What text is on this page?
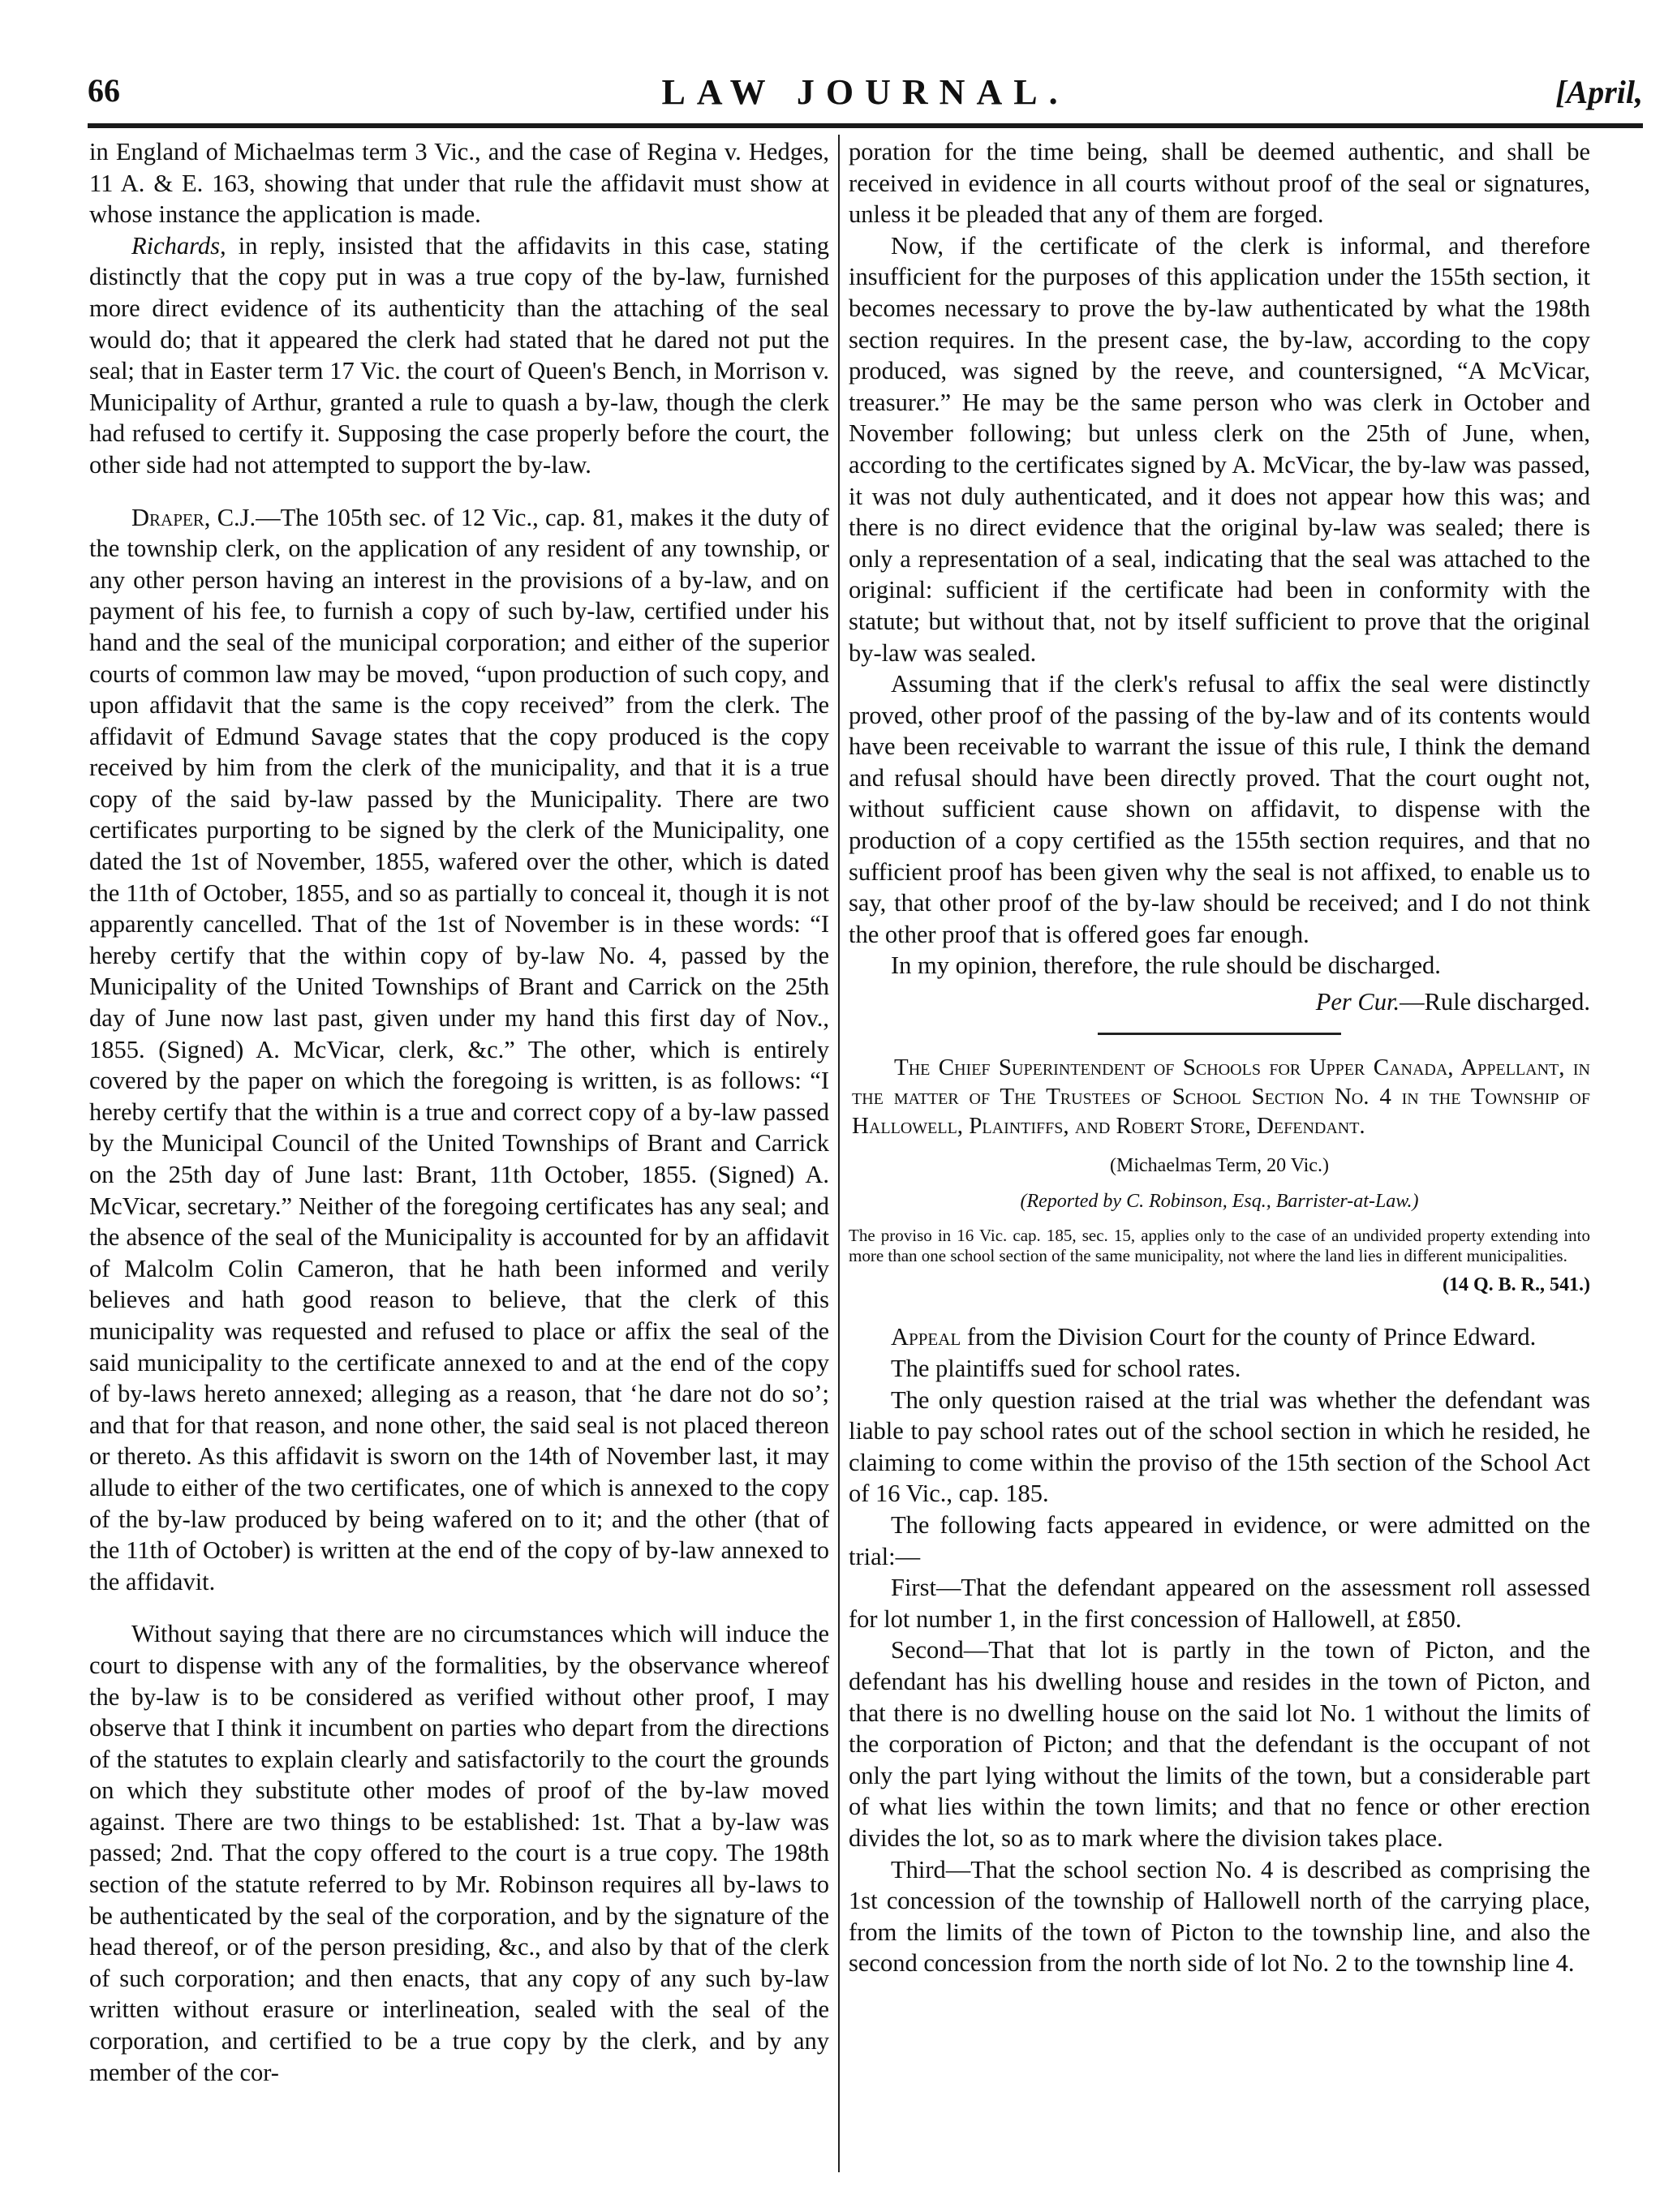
66	LAW JOURNAL.	[April,

in England of Michaelmas term 3 Vic., and the case of Regina v. Hedges, 11 A. & E. 163, showing that under that rule the affidavit must show at whose instance the application is made.

Richards, in reply, insisted that the affidavits in this case, stating distinctly that the copy put in was a true copy of the by-law, furnished more direct evidence of its authenticity than the attaching of the seal would do; that it appeared the clerk had stated that he dared not put the seal; that in Easter term 17 Vic. the court of Queen's Bench, in Morrison v. Municipality of Arthur, granted a rule to quash a by-law, though the clerk had refused to certify it. Supposing the case properly before the court, the other side had not attempted to support the by-law.

Draper, C.J.—The 105th sec. of 12 Vic., cap. 81, makes it the duty of the township clerk, on the application of any resident of any township, or any other person having an interest in the provisions of a by-law, and on payment of his fee, to furnish a copy of such by-law, certified under his hand and the seal of the municipal corporation; and either of the superior courts of common law may be moved, “upon production of such copy, and upon affidavit that the same is the copy received” from the clerk. The affidavit of Edmund Savage states that the copy produced is the copy received by him from the clerk of the municipality, and that it is a true copy of the said by-law passed by the Municipality. There are two certificates purporting to be signed by the clerk of the Municipality, one dated the 1st of November, 1855, wafered over the other, which is dated the 11th of October, 1855, and so as partially to conceal it, though it is not apparently cancelled. That of the 1st of November is in these words: “I hereby certify that the within copy of by-law No. 4, passed by the Municipality of the United Townships of Brant and Carrick on the 25th day of June now last past, given under my hand this first day of Nov., 1855. (Signed) A. McVicar, clerk, &c.” The other, which is entirely covered by the paper on which the foregoing is written, is as follows: “I hereby certify that the within is a true and correct copy of a by-law passed by the Municipal Council of the United Townships of Brant and Carrick on the 25th day of June last: Brant, 11th October, 1855. (Signed) A. McVicar, secretary.” Neither of the foregoing certificates has any seal; and the absence of the seal of the Municipality is accounted for by an affidavit of Malcolm Colin Cameron, that he hath been informed and verily believes and hath good reason to believe, that the clerk of this municipality was requested and refused to place or affix the seal of the said municipality to the certificate annexed to and at the end of the copy of by-laws hereto annexed; alleging as a reason, that ‘he dare not do so’; and that for that reason, and none other, the said seal is not placed thereon or thereto. As this affidavit is sworn on the 14th of November last, it may allude to either of the two certificates, one of which is annexed to the copy of the by-law produced by being wafered on to it; and the other (that of the 11th of October) is written at the end of the copy of by-law annexed to the affidavit.

Without saying that there are no circumstances which will induce the court to dispense with any of the formalities, by the observance whereof the by-law is to be considered as verified without other proof, I may observe that I think it incumbent on parties who depart from the directions of the statutes to explain clearly and satisfactorily to the court the grounds on which they substitute other modes of proof of the by-law moved against. There are two things to be established: 1st. That a by-law was passed; 2nd. That the copy offered to the court is a true copy. The 198th section of the statute referred to by Mr. Robinson requires all by-laws to be authenticated by the seal of the corporation, and by the signature of the head thereof, or of the person presiding, &c., and also by that of the clerk of such corporation; and then enacts, that any copy of any such by-law written without erasure or interlineation, sealed with the seal of the corporation, and certified to be a true copy by the clerk, and by any member of the cor-

poration for the time being, shall be deemed authentic, and shall be received in evidence in all courts without proof of the seal or signatures, unless it be pleaded that any of them are forged.

Now, if the certificate of the clerk is informal, and therefore insufficient for the purposes of this application under the 155th section, it becomes necessary to prove the by-law authenticated by what the 198th section requires. In the present case, the by-law, according to the copy produced, was signed by the reeve, and countersigned, “A McVicar, treasurer.” He may be the same person who was clerk in October and November following; but unless clerk on the 25th of June, when, according to the certificates signed by A. McVicar, the by-law was passed, it was not duly authenticated, and it does not appear how this was; and there is no direct evidence that the original by-law was sealed; there is only a representation of a seal, indicating that the seal was attached to the original: sufficient if the certificate had been in conformity with the statute; but without that, not by itself sufficient to prove that the original by-law was sealed.

Assuming that if the clerk's refusal to affix the seal were distinctly proved, other proof of the passing of the by-law and of its contents would have been receivable to warrant the issue of this rule, I think the demand and refusal should have been directly proved. That the court ought not, without sufficient cause shown on affidavit, to dispense with the production of a copy certified as the 155th section requires, and that no sufficient proof has been given why the seal is not affixed, to enable us to say, that other proof of the by-law should be received; and I do not think the other proof that is offered goes far enough.

In my opinion, therefore, the rule should be discharged.

Per Cur.—Rule discharged.

The Chief Superintendent of Schools for Upper Canada, Appellant, in the matter of The Trustees of School Section No. 4 in the Township of Hallowell, Plaintiffs, and Robert Store, Defendant.

(Michaelmas Term, 20 Vic.)
(Reported by C. Robinson, Esq., Barrister-at-Law.)
The proviso in 16 Vic. cap. 185, sec. 15, applies only to the case of an undivided property extending into more than one school section of the same municipality, not where the land lies in different municipalities.
(14 Q. B. R., 541.)

Appeal from the Division Court for the county of Prince Edward.

The plaintiffs sued for school rates.

The only question raised at the trial was whether the defendant was liable to pay school rates out of the school section in which he resided, he claiming to come within the proviso of the 15th section of the School Act of 16 Vic., cap. 185.

The following facts appeared in evidence, or were admitted on the trial:—

First—That the defendant appeared on the assessment roll assessed for lot number 1, in the first concession of Hallowell, at £850.

Second—That that lot is partly in the town of Picton, and the defendant has his dwelling house and resides in the town of Picton, and that there is no dwelling house on the said lot No. 1 without the limits of the corporation of Picton; and that the defendant is the occupant of not only the part lying without the limits of the town, but a considerable part of what lies within the town limits; and that no fence or other erection divides the lot, so as to mark where the division takes place.

Third—That the school section No. 4 is described as comprising the 1st concession of the township of Hallowell north of the carrying place, from the limits of the town of Picton to the township line, and also the second concession from the north side of lot No. 2 to the township line 4.
